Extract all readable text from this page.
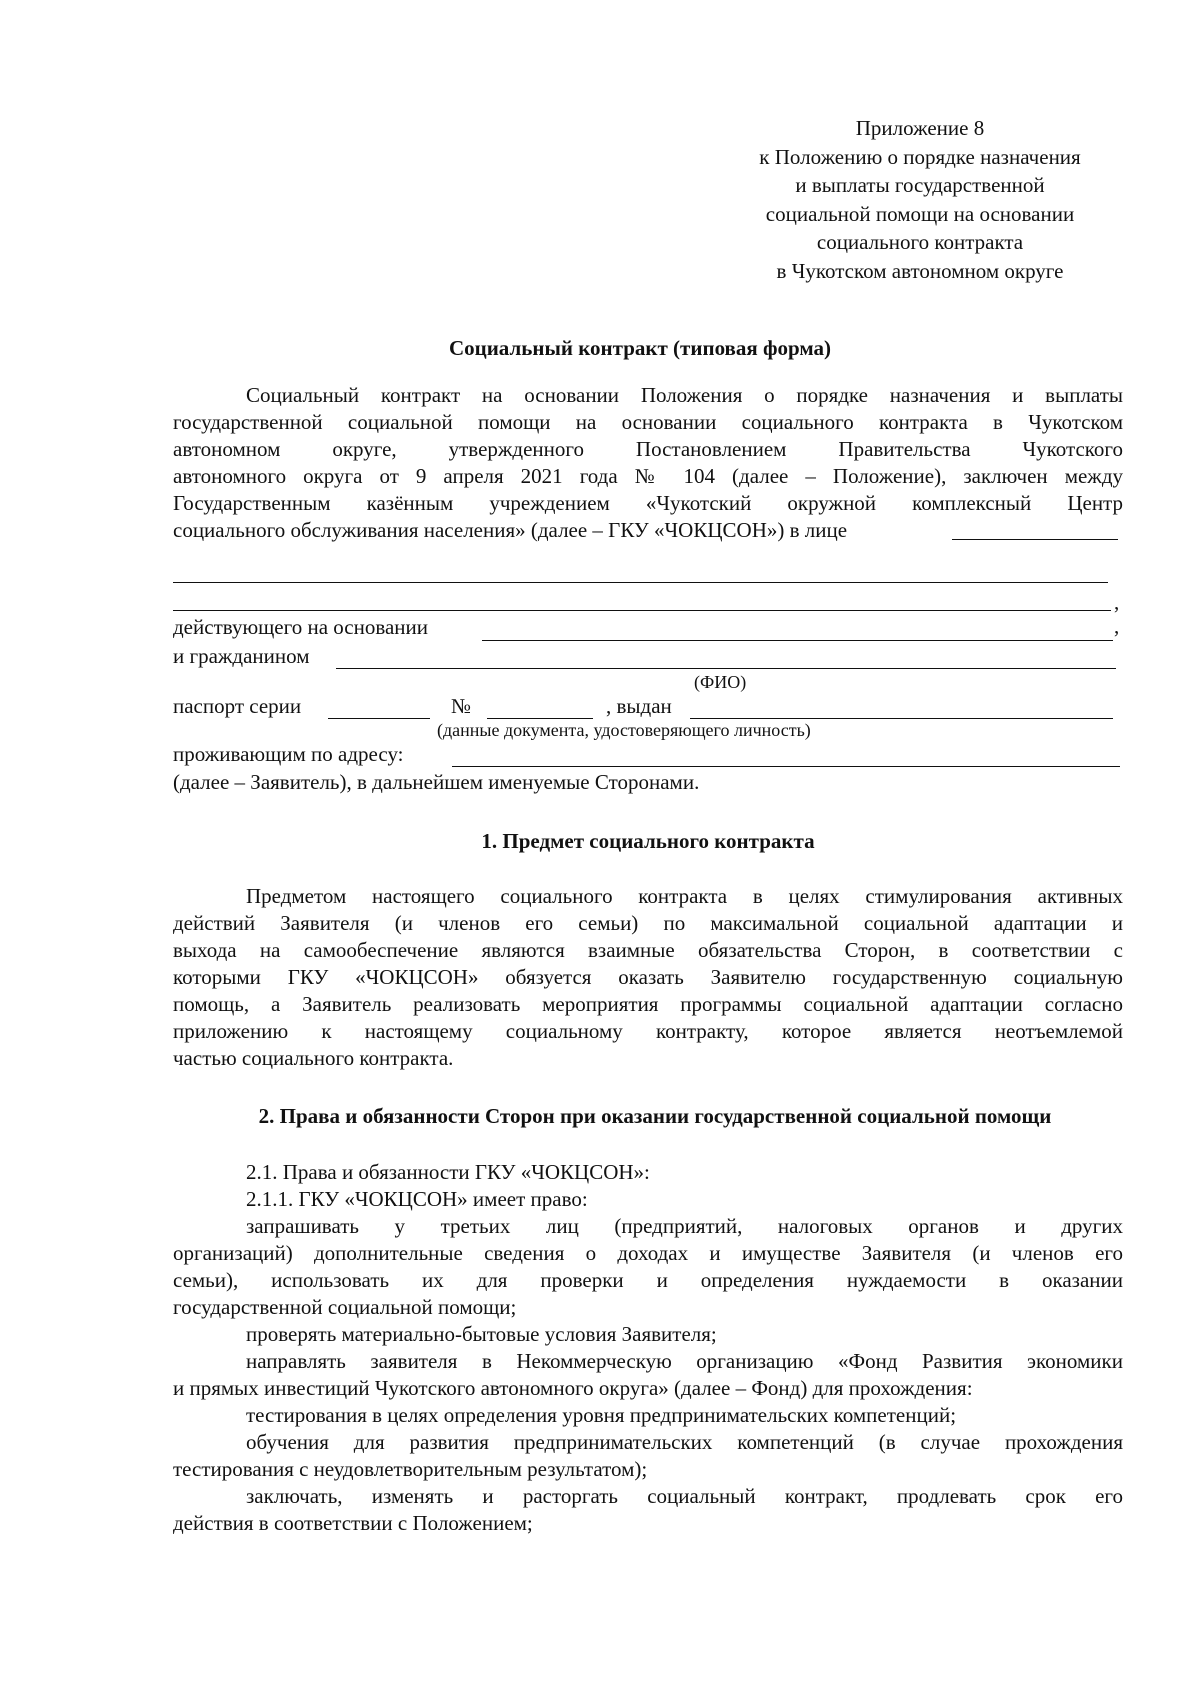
Приложение 8
к Положению о порядке назначения
и выплаты государственной
социальной помощи на основании
социального контракта
в Чукотском автономном округе
Социальный контракт (типовая форма)
Социальный контракт на основании Положения о порядке назначения и выплаты
государственной социальной помощи на основании социального контракта в Чукотском
автономном округе, утвержденного Постановлением Правительства Чукотского
автономного округа от 9 апреля 2021 года № 104 (далее – Положение), заключен между
Государственным казённым учреждением «Чукотский окружной комплексный Центр
социального обслуживания населения» (далее – ГКУ «ЧОКЦСОН») в лице
,
действующего на основании	,
и гражданином
(ФИО)
паспорт серии	№	, выдан
(данные документа, удостоверяющего личность)
проживающим по адресу:
(далее – Заявитель), в дальнейшем именуемые Сторонами.
1. Предмет социального контракта
Предметом настоящего социального контракта в целях стимулирования активных
действий Заявителя (и членов его семьи) по максимальной социальной адаптации и
выхода на самообеспечение являются взаимные обязательства Сторон, в соответствии с
которыми ГКУ «ЧОКЦСОН» обязуется оказать Заявителю государственную социальную
помощь, а Заявитель реализовать мероприятия программы социальной адаптации согласно
приложению к настоящему социальному контракту, которое является неотъемлемой
частью социального контракта.
2. Права и обязанности Сторон при оказании государственной социальной помощи
2.1. Права и обязанности ГКУ «ЧОКЦСОН»:
2.1.1. ГКУ «ЧОКЦСОН» имеет право:
запрашивать у третьих лиц (предприятий, налоговых органов и других
организаций) дополнительные сведения о доходах и имуществе Заявителя (и членов его
семьи), использовать их для проверки и определения нуждаемости в оказании
государственной социальной помощи;
проверять материально-бытовые условия Заявителя;
направлять заявителя в Некоммерческую организацию «Фонд Развития экономики
и прямых инвестиций Чукотского автономного округа» (далее – Фонд) для прохождения:
тестирования в целях определения уровня предпринимательских компетенций;
обучения для развития предпринимательских компетенций (в случае прохождения
тестирования с неудовлетворительным результатом);
заключать, изменять и расторгать социальный контракт, продлевать срок его
действия в соответствии с Положением;
